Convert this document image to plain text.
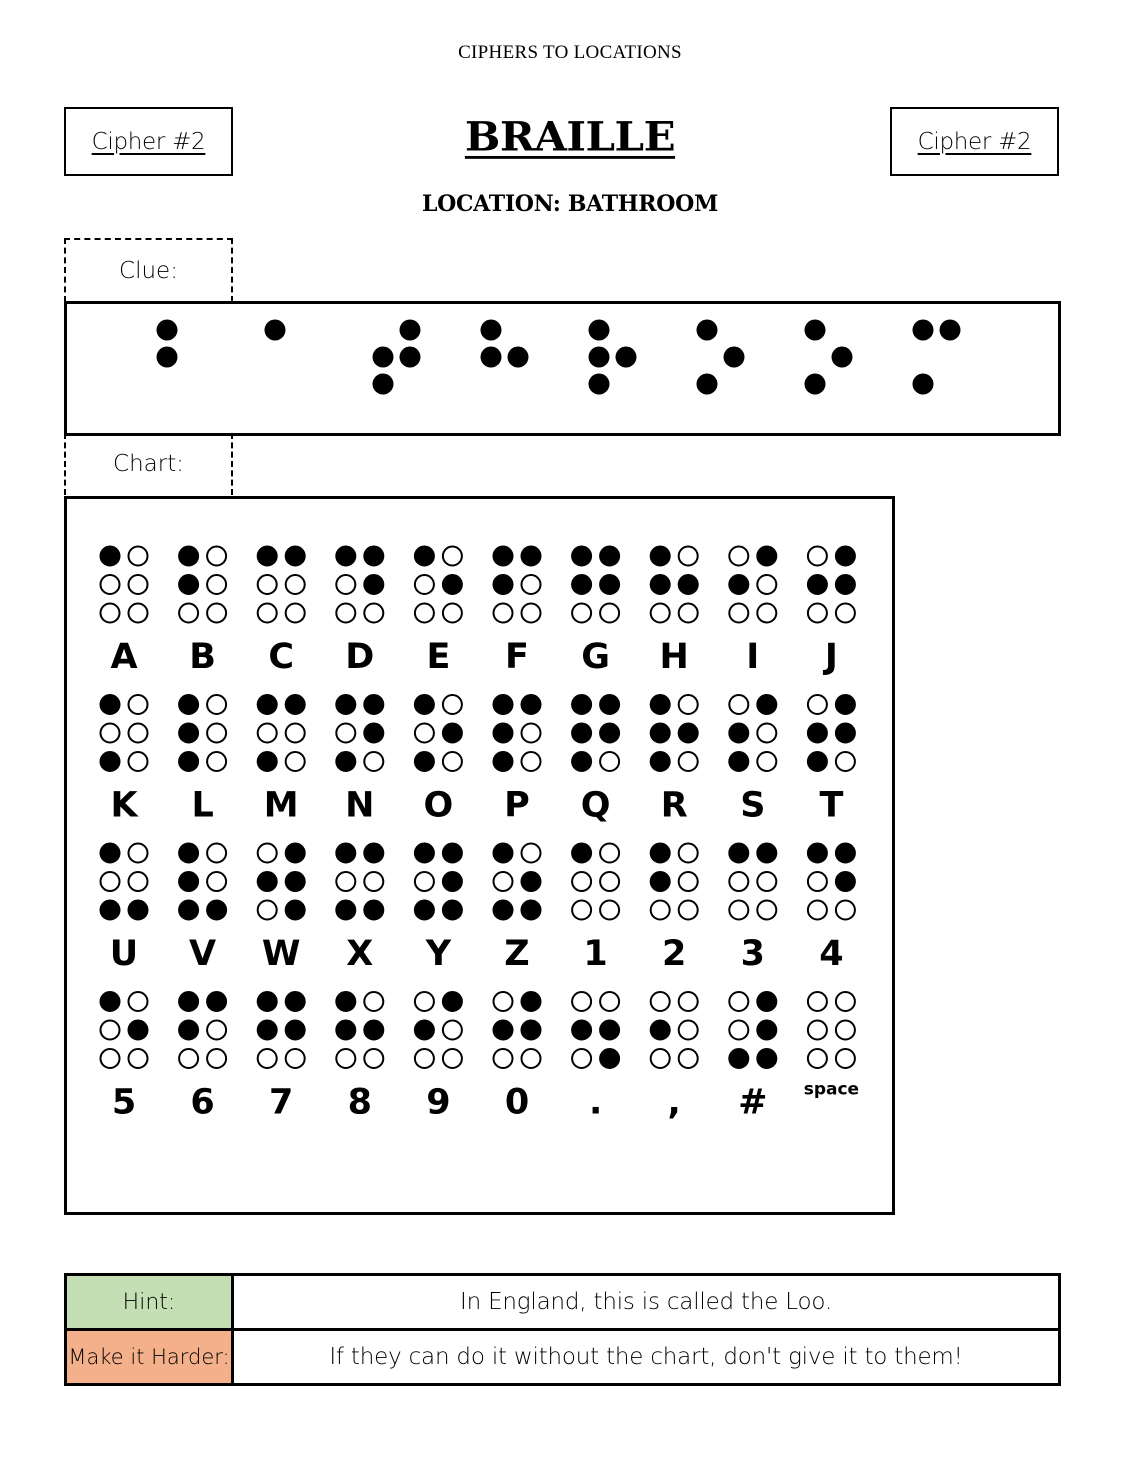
CIPHERS TO LOCATIONS
Cipher #2	Cipher #2
BRAILLE
LOCATION: BATHROOM
Clue:
Chart:
A B C D E F G H I J
K L M N O P Q R S T
U V W X Y Z 1 2 3 4
5 6 7 8 9 0 . , # space
Hint:	In England, this is called the Loo.
Make it Harder:	If they can do it without the chart, don't give it to them!
